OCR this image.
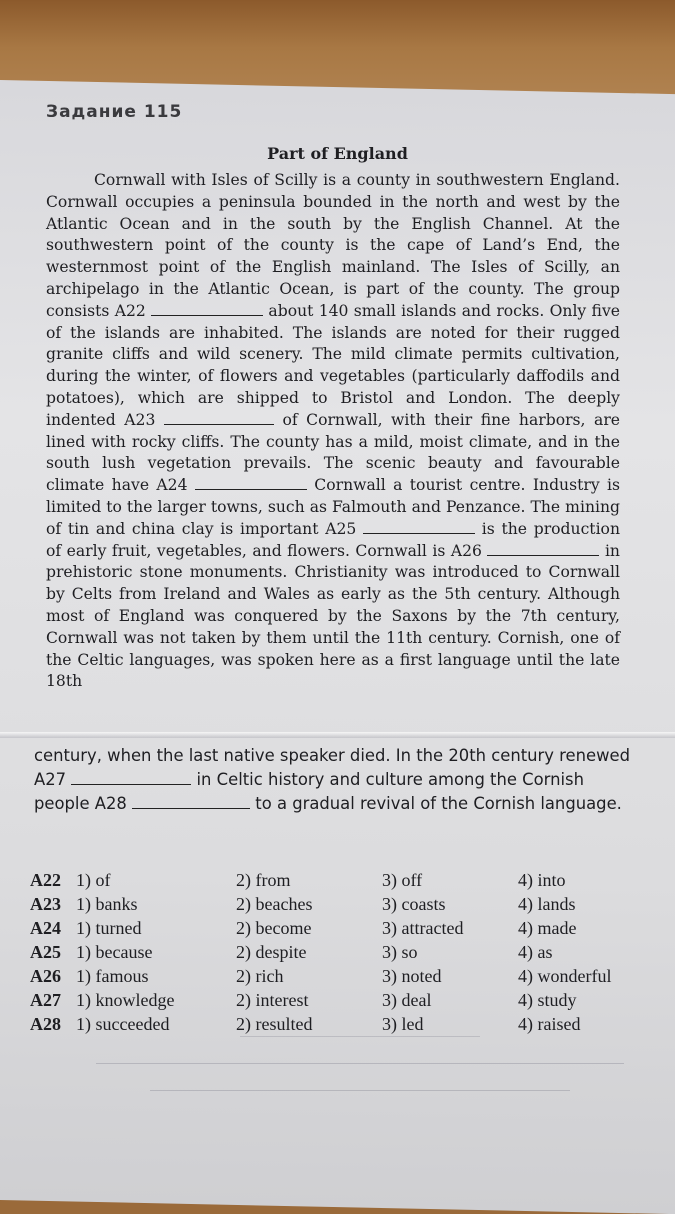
Задание 115
Part of England

Cornwall with Isles of Scilly is a county in southwestern England. Cornwall occupies a peninsula bounded in the north and west by the Atlantic Ocean and in the south by the English Channel. At the southwestern point of the county is the cape of Land’s End, the westernmost point of the English mainland. The Isles of Scilly, an archipelago in the Atlantic Ocean, is part of the county. The group consists A22	about 140 small islands and rocks. Only five of the islands are inhabited. The islands are noted for their rugged granite cliffs and wild scenery. The mild climate permits cultivation, during the winter, of flowers and vegetables (particularly daffodils and potatoes), which are shipped to Bristol and London. The deeply indented A23	of Cornwall, with their fine harbors, are lined with rocky cliffs. The county has a mild, moist climate, and in the south lush vegetation prevails. The scenic beauty and favourable climate have A24	Cornwall a tourist centre. Industry is limited to the larger towns, such as Falmouth and Penzance. The mining of tin and china clay is important A25	is the production of early fruit, vegetables, and flowers. Cornwall is A26	in prehistoric stone monuments. Christianity was introduced to Cornwall by Celts from Ireland and Wales as early as the 5th century. Although most of England was conquered by the Saxons by the 7th century, Cornwall was not taken by them until the 11th century. Cornish, one of the Celtic languages, was spoken here as a first language until the late 18th

century, when the last native speaker died. In the 20th century renewed A27	in Celtic history and culture among the Cornish people A28	to a gradual revival of the Cornish language.
A22 1) of	2) from	3) off	4) into
A23 1) banks	2) beaches	3) coasts	4) lands
A24 1) turned	2) become	3) attracted	4) made
A25 1) because	2) despite	3) so	4) as
A26 1) famous	2) rich	3) noted	4) wonderful
A27 1) knowledge	2) interest	3) deal	4) study
A28 1) succeeded	2) resulted	3) led	4) raised
